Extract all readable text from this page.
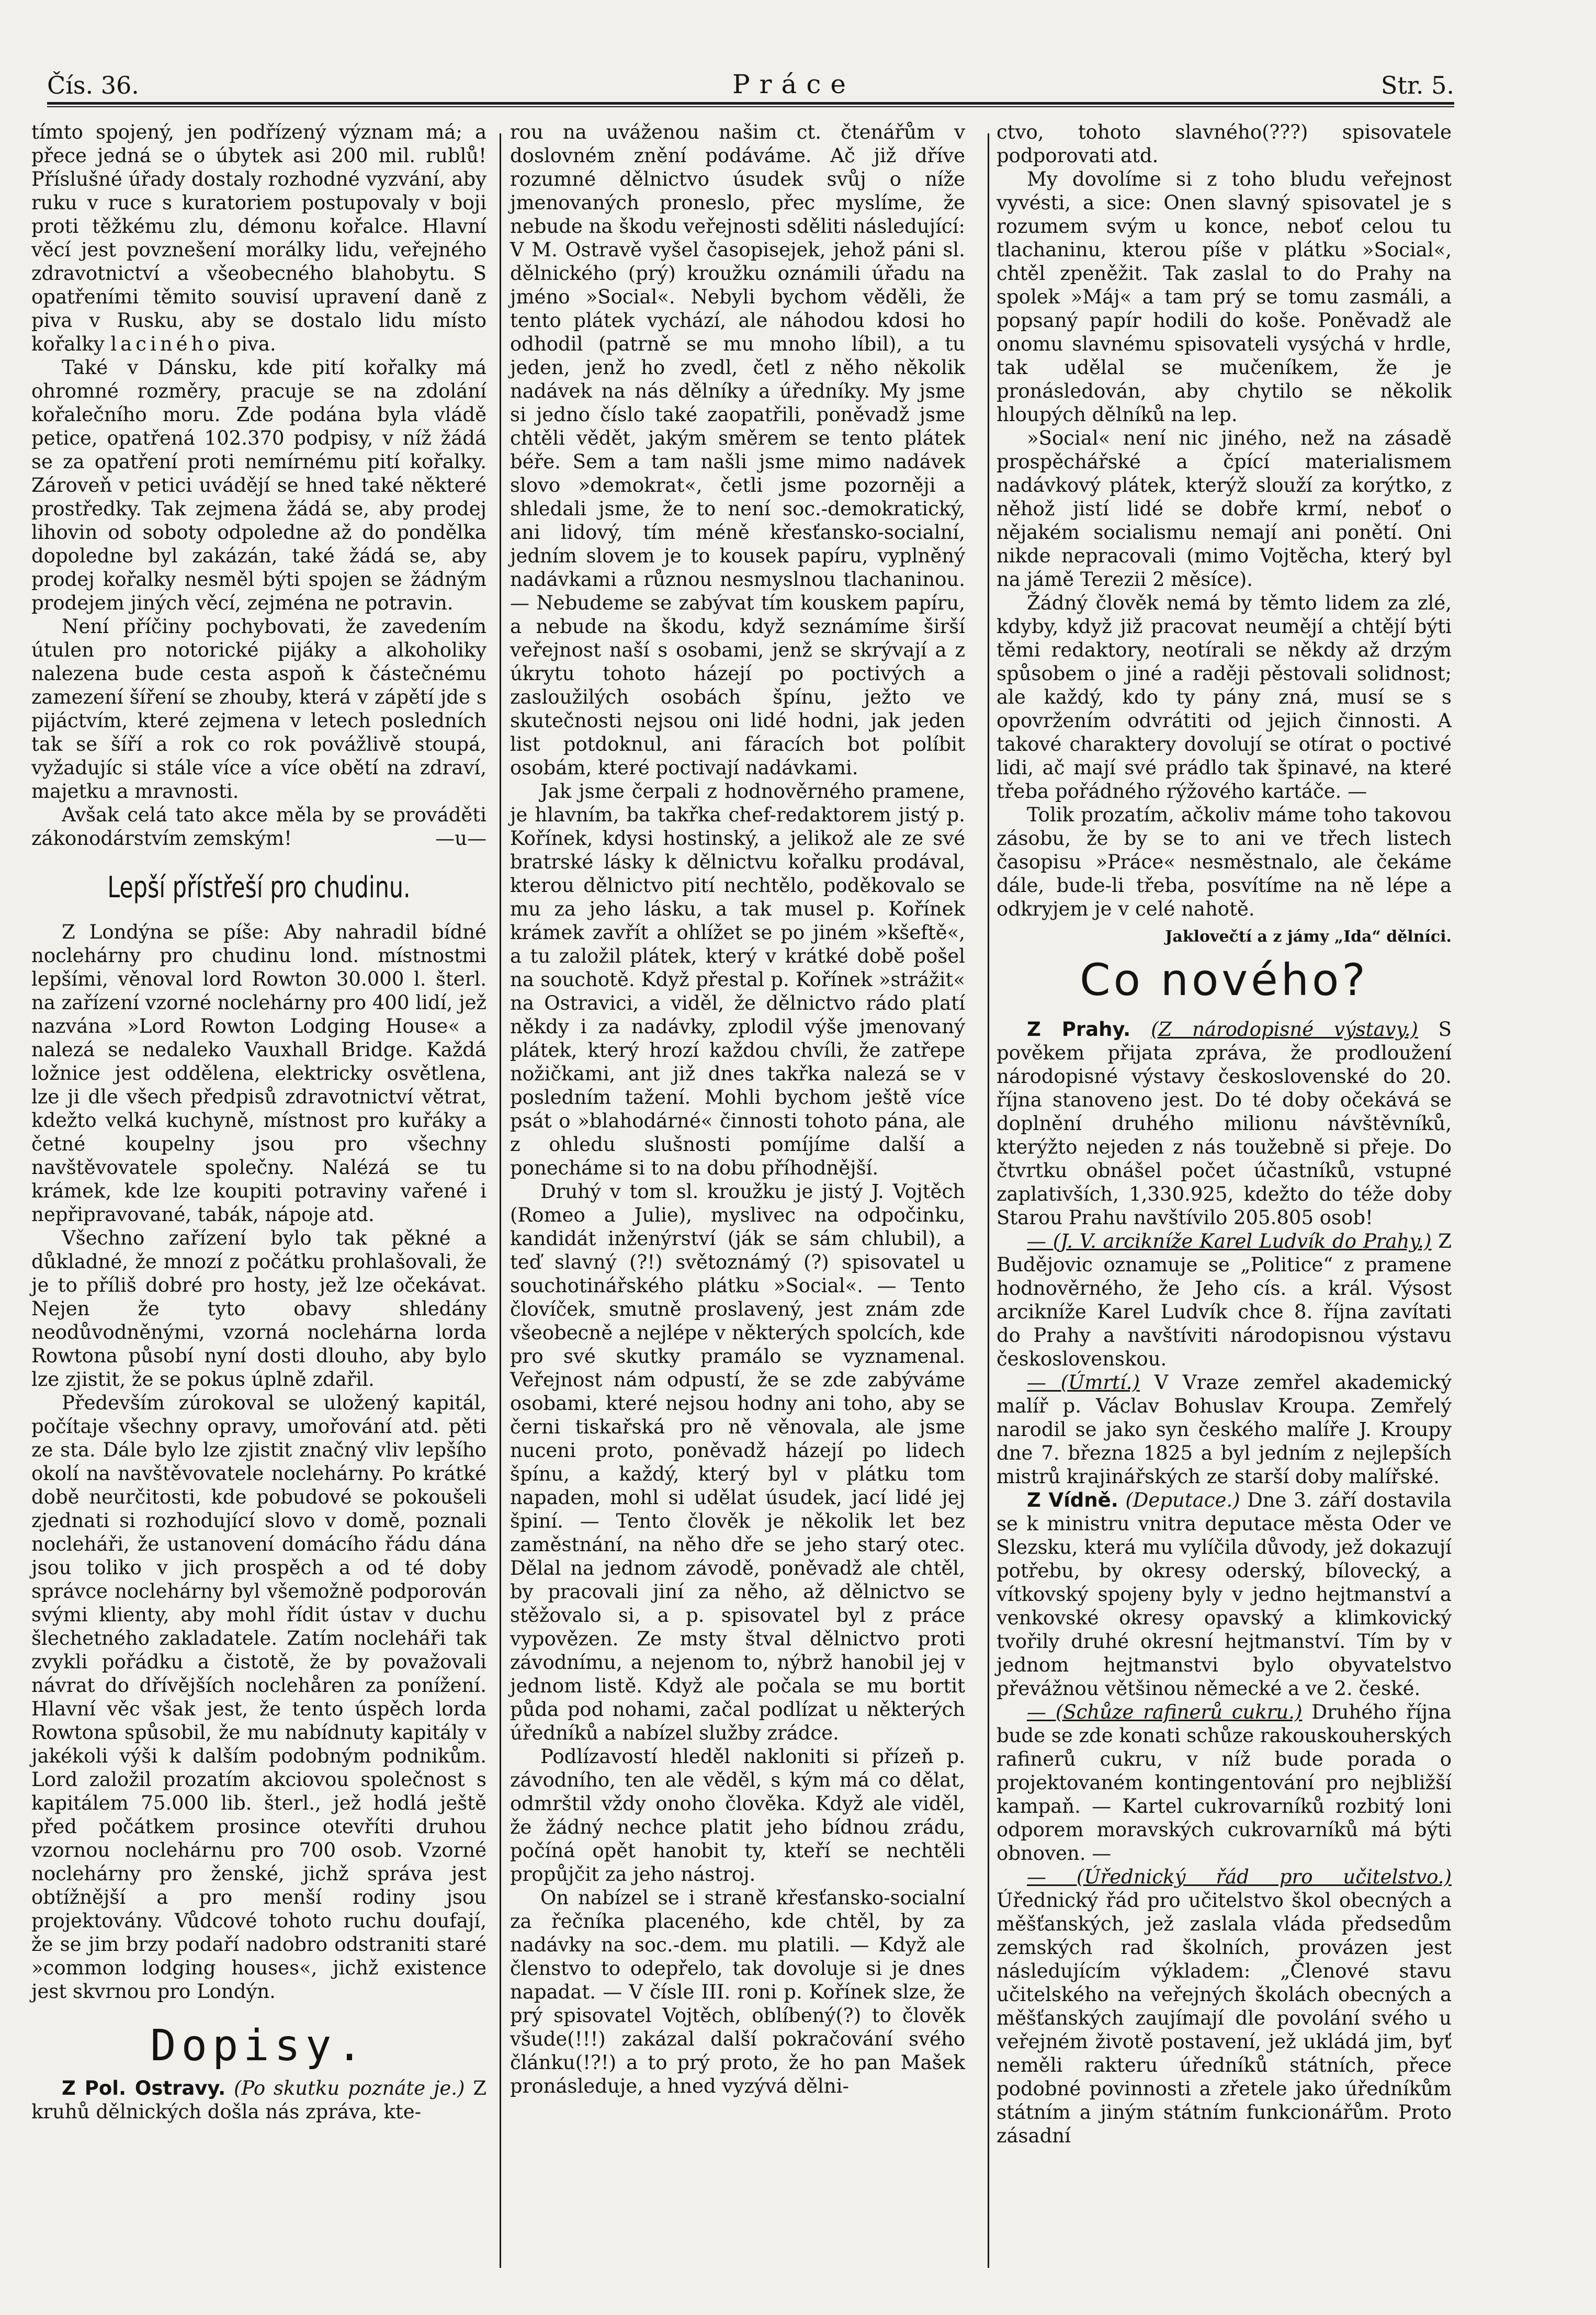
Čís. 36.	Práce	Str. 5.

tímto spojený, jen podřízený význam má; a přece jedná se o úbytek asi 200 mil. rublů! Příslušné úřady dostaly rozhodné vyzvání, aby ruku v ruce s kuratoriem postupovaly v boji proti těžkému zlu, démonu kořalce. Hlavní věcí jest povznešení morálky lidu, veřejného zdravotnictví a všeobecného blahobytu. S opatřeními těmito souvisí upravení daně z piva v Rusku, aby se dostalo lidu místo kořalky laciného piva.

Také v Dánsku, kde pití kořalky má ohromné rozměry, pracuje se na zdolání kořalečního moru. Zde podána byla vládě petice, opatřená 102.370 podpisy, v níž žádá se za opatření proti nemírnému pití kořalky. Zároveň v petici uvádějí se hned také některé prostředky. Tak zejmena žádá se, aby prodej lihovin od soboty odpoledne až do pondělka dopoledne byl zakázán, také žádá se, aby prodej kořalky nesměl býti spojen se žádným prodejem jiných věcí, zejména ne potravin.

Není příčiny pochybovati, že zavedením útulen pro notorické pijáky a alkoholiky nalezena bude cesta aspoň k částečnému zamezení šíření se zhouby, která v zápětí jde s pijáctvím, které zejmena v letech posledních tak se šíří a rok co rok povážlivě stoupá, vyžadujíc si stále více a více obětí na zdraví, majetku a mravnosti.

Avšak celá tato akce měla by se prováděti zákonodárstvím zemským!	—u—

Lepší přístřeší pro chudinu.

Z Londýna se píše: Aby nahradil bídné noclehárny pro chudinu lond. místnostmi lepšími, věnoval lord Rowton 30.000 l. šterl. na zařízení vzorné noclehárny pro 400 lidí, jež nazvána »Lord Rowton Lodging House« a nalezá se nedaleko Vauxhall Bridge. Každá ložnice jest oddělena, elektricky osvětlena, lze ji dle všech předpisů zdravotnictví větrat, kdežto velká kuchyně, místnost pro kuřáky a četné koupelny jsou pro všechny navštěvovatele společny. Nalézá se tu krámek, kde lze koupiti potraviny vařené i nepřipravované, tabák, nápoje atd.

Všechno zařízení bylo tak pěkné a důkladné, že mnozí z počátku prohlašovali, že je to příliš dobré pro hosty, jež lze očekávat. Nejen že tyto obavy shledány neodůvodněnými, vzorná noclehárna lorda Rowtona působí nyní dosti dlouho, aby bylo lze zjistit, že se pokus úplně zdařil.

Především zúrokoval se uložený kapitál, počítaje všechny opravy, umořování atd. pěti ze sta. Dále bylo lze zjistit značný vliv lepšího okolí na navštěvovatele noclehárny. Po krátké době neurčitosti, kde pobudové se pokoušeli zjednati si rozhodující slovo v domě, poznali nocleháři, že ustanovení domácího řádu dána jsou toliko v jich prospěch a od té doby správce noclehárny byl všemožně podporován svými klienty, aby mohl řídit ústav v duchu šlechetného zakladatele. Zatím nocleháři tak zvykli pořádku a čistotě, že by považovali návrat do dřívějších noclehåren za ponížení. Hlavní věc však jest, že tento úspěch lorda Rowtona spůsobil, že mu nabídnuty kapitály v jakékoli výši k dalším podobným podnikům. Lord založil prozatím akciovou společnost s kapitálem 75.000 lib. šterl., jež hodlá ještě před počátkem prosince otevříti druhou vzornou noclehárnu pro 700 osob. Vzorné noclehárny pro ženské, jichž správa jest obtížnější a pro menší rodiny jsou projektovány. Vůdcové tohoto ruchu doufají, že se jim brzy podaří nadobro odstraniti staré »common lodging houses«, jichž existence jest skvrnou pro Londýn.

Dopisy.

Z Pol. Ostravy. (Po skutku poznáte je.) Z kruhů dělnických došla nás zpráva, kte-

rou na uváženou našim ct. čtenářům v doslovném znění podáváme. Ač již dříve rozumné dělnictvo úsudek svůj o níže jmenovaných proneslo, přec myslíme, že nebude na škodu veřejnosti sděliti následující: V M. Ostravě vyšel časopisejek, jehož páni sl. dělnického (prý) kroužku oznámili úřadu na jméno »Social«. Nebyli bychom věděli, že tento plátek vychází, ale náhodou kdosi ho odhodil (patrně se mu mnoho líbil), a tu jeden, jenž ho zvedl, četl z něho několik nadávek na nás dělníky a úředníky. My jsme si jedno číslo také zaopatřili, poněvadž jsme chtěli vědět, jakým směrem se tento plátek béře. Sem a tam našli jsme mimo nadávek slovo »demokrat«, četli jsme pozorněji a shledali jsme, že to není soc.-demokratický, ani lidový, tím méně křesťansko-socialní, jedním slovem je to kousek papíru, vyplněný nadávkami a různou nesmyslnou tlachaninou. — Nebudeme se zabývat tím kouskem papíru, a nebude na škodu, když seznámíme širší veřejnost naší s osobami, jenž se skrývají a z úkrytu tohoto házejí po poctivých a zasloužilých osobách špínu, ježto ve skutečnosti nejsou oni lidé hodni, jak jeden list potdoknul, ani fáracích bot políbit osobám, které poctivají nadávkami.

Jak jsme čerpali z hodnověrného pramene, je hlavním, ba takřka chef-redaktorem jistý p. Kořínek, kdysi hostinský, a jelikož ale ze své bratrské lásky k dělnictvu kořalku prodával, kterou dělnictvo pití nechtělo, poděkovalo se mu za jeho lásku, a tak musel p. Kořínek krámek zavřít a ohlížet se po jiném »kšeftě«, a tu založil plátek, který v krátké době pošel na souchotě. Když přestal p. Kořínek »strážit« na Ostravici, a viděl, že dělnictvo rádo platí někdy i za nadávky, zplodil výše jmenovaný plátek, který hrozí každou chvíli, že zatřepe nožičkami, ant již dnes takřka nalezá se v posledním tažení. Mohli bychom ještě více psát o »blahodárné« činnosti tohoto pána, ale z ohledu slušnosti pomíjíme další a ponecháme si to na dobu příhodnější.

Druhý v tom sl. kroužku je jistý J. Vojtěch (Romeo a Julie), myslivec na odpočinku, kandidát inženýrství (ják se sám chlubil), a teď slavný (?!) světoznámý (?) spisovatel u souchotinářského plátku »Social«. — Tento človíček, smutně proslavený, jest znám zde všeobecně a nejlépe v některých spolcích, kde pro své skutky pramálo se vyznamenal. Veřejnost nám odpustí, že se zde zabýváme osobami, které nejsou hodny ani toho, aby se černi tiskařská pro ně věnovala, ale jsme nuceni proto, poněvadž házejí po lidech špínu, a každý, který byl v plátku tom napaden, mohl si udělat úsudek, jací lidé jej špiní. — Tento člověk je několik let bez zaměstnání, na něho dře se jeho starý otec. Dělal na jednom závodě, poněvadž ale chtěl, by pracovali jiní za něho, až dělnictvo se stěžovalo si, a p. spisovatel byl z práce vypovězen. Ze msty štval dělnictvo proti závodnímu, a nejenom to, nýbrž hanobil jej v jednom listě. Když ale počala se mu bortit půda pod nohami, začal podlízat u některých úředníků a nabízel služby zrádce.

Podlízavostí hleděl nakloniti si přízeň p. závodního, ten ale věděl, s kým má co dělat, odmrštil vždy onoho člověka. Když ale viděl, že žádný nechce platit jeho bídnou zrádu, počíná opět hanobit ty, kteří se nechtěli propůjčit za jeho nástroj.

On nabízel se i straně křesťansko-socialní za řečníka placeného, kde chtěl, by za nadávky na soc.-dem. mu platili. — Když ale členstvo to odepřelo, tak dovoluje si je dnes napadat. — V čísle III. roni p. Kořínek slze, že prý spisovatel Vojtěch, oblíbený(?) to člověk všude(!!!) zakázal další pokračování svého článku(!?!) a to prý proto, že ho pan Mašek pronásleduje, a hned vyzývá dělni-

ctvo, tohoto slavného(???) spisovatele podporovati atd.

My dovolíme si z toho bludu veřejnost vyvésti, a sice: Onen slavný spisovatel je s rozumem svým u konce, neboť celou tu tlachaninu, kterou píše v plátku »Social«, chtěl zpeněžit. Tak zaslal to do Prahy na spolek »Máj« a tam prý se tomu zasmáli, a popsaný papír hodili do koše. Poněvadž ale onomu slavnému spisovateli vysýchá v hrdle, tak udělal se mučeníkem, že je pronásledován, aby chytilo se několik hloupých dělníků na lep.

»Social« není nic jiného, než na zásadě prospěchářské a čpící materialismem nadávkový plátek, kterýž slouží za korýtko, z něhož jistí lidé se dobře krmí, neboť o nějakém socialismu nemají ani ponětí. Oni nikde nepracovali (mimo Vojtěcha, který byl na jámě Terezii 2 měsíce).

Žádný člověk nemá by těmto lidem za zlé, kdyby, když již pracovat neumějí a chtějí býti těmi redaktory, neotírali se někdy až drzým spůsobem o jiné a raději pěstovali solidnost; ale každý, kdo ty pány zná, musí se s opovržením odvrátiti od jejich činnosti. A takové charaktery dovolují se otírat o poctivé lidi, ač mají své prádlo tak špinavé, na které třeba pořádného rýžového kartáče. —

Tolik prozatím, ačkoliv máme toho takovou zásobu, že by se to ani ve třech listech časopisu »Práce« nesměstnalo, ale čekáme dále, bude-li třeba, posvítíme na ně lépe a odkryjem je v celé nahotě.

Jaklovečtí a z jámy „Ida“ dělníci.
Co nového?

Z Prahy. (Z národopisné výstavy.) S pověkem přijata zpráva, že prodloužení národopisné výstavy československé do 20. října stanoveno jest. Do té doby očekává se doplnění druhého milionu návštěvníků, kterýžto nejeden z nás toužebně si přeje. Do čtvrtku obnášel počet účastníků, vstupné zaplativších, 1,330.925, kdežto do téže doby Starou Prahu navštívilo 205.805 osob!

— (J. V. arcikníže Karel Ludvík do Prahy.) Z Budějovic oznamuje se „Politice“ z pramene hodnověrného, že Jeho cís. a král. Výsost arcikníže Karel Ludvík chce 8. října zavítati do Prahy a navštíviti národopisnou výstavu československou.

— (Úmrtí.) V Vraze zemřel akademický malíř p. Václav Bohuslav Kroupa. Zemřelý narodil se jako syn českého malíře J. Kroupy dne 7. března 1825 a byl jedním z nejlepších mistrů krajinářských ze starší doby malířské.

Z Vídně. (Deputace.) Dne 3. září dostavila se k ministru vnitra deputace města Oder ve Slezsku, která mu vylíčila důvody, jež dokazují potřebu, by okresy oderský, bílovecký, a vítkovský spojeny byly v jedno hejtmanství a venkovské okresy opavský a klimkovický tvořily druhé okresní hejtmanství. Tím by v jednom hejtmanstvi bylo obyvatelstvo převážnou většinou německé a ve 2. české.

— (Schůze rafinerů cukru.) Druhého října bude se zde konati schůze rakouskouherských rafinerů cukru, v níž bude porada o projektovaném kontingentování pro nejbližší kampaň. — Kartel cukrovarníků rozbitý loni odporem moravských cukrovarníků má býti obnoven. —

— (Úřednický řád pro učitelstvo.) Úřednický řád pro učitelstvo škol obecných a měšťanských, jež zaslala vláda předsedům zemských rad školních, provázen jest následujícím výkladem: „Členové stavu učitelského na veřejných školách obecných a měšťanských zaujímají dle povolání svého u veřejném životě postavení, jež ukládá jim, byť neměli rakteru úředníků státních, přece podobné povinnosti a zřetele jako úředníkům státním a jiným státním funkcionářům. Proto zásadní
